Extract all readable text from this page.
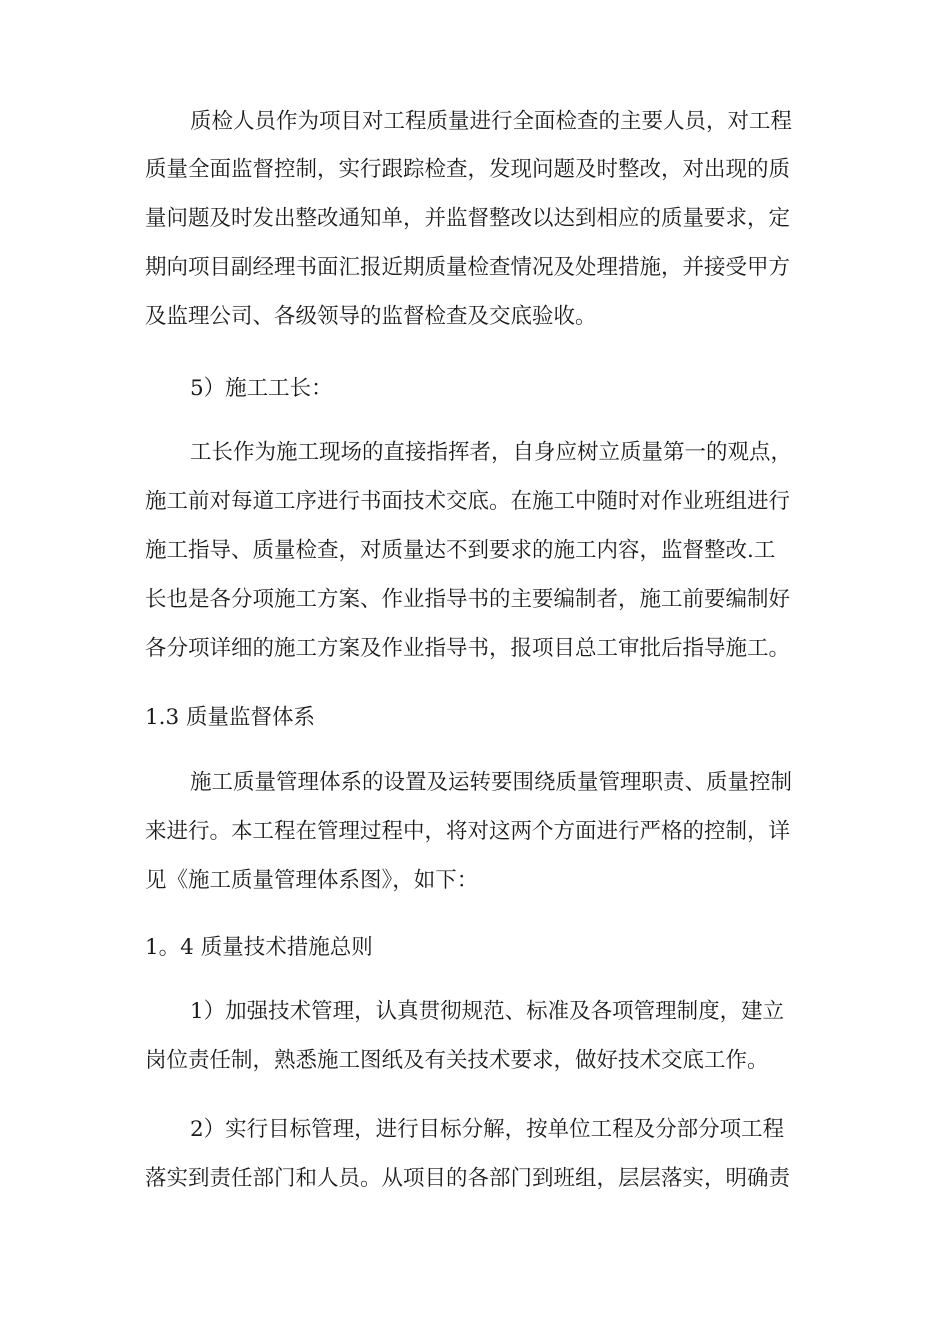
质检人员作为项目对工程质量进行全面检查的主要人员，对工程
质量全面监督控制，实行跟踪检查，发现问题及时整改，对出现的质
量问题及时发出整改通知单，并监督整改以达到相应的质量要求，定
期向项目副经理书面汇报近期质量检查情况及处理措施，并接受甲方
及监理公司、各级领导的监督检查及交底验收。
5）施工工长：
工长作为施工现场的直接指挥者，自身应树立质量第一的观点，
施工前对每道工序进行书面技术交底。在施工中随时对作业班组进行
施工指导、质量检查，对质量达不到要求的施工内容，监督整改.工
长也是各分项施工方案、作业指导书的主要编制者，施工前要编制好
各分项详细的施工方案及作业指导书，报项目总工审批后指导施工。
1.3 质量监督体系
施工质量管理体系的设置及运转要围绕质量管理职责、质量控制
来进行。本工程在管理过程中，将对这两个方面进行严格的控制，详
见《施工质量管理体系图》，如下：
1。4 质量技术措施总则
1）加强技术管理，认真贯彻规范、标准及各项管理制度，建立
岗位责任制，熟悉施工图纸及有关技术要求，做好技术交底工作。
2）实行目标管理，进行目标分解，按单位工程及分部分项工程
落实到责任部门和人员。从项目的各部门到班组，层层落实，明确责
